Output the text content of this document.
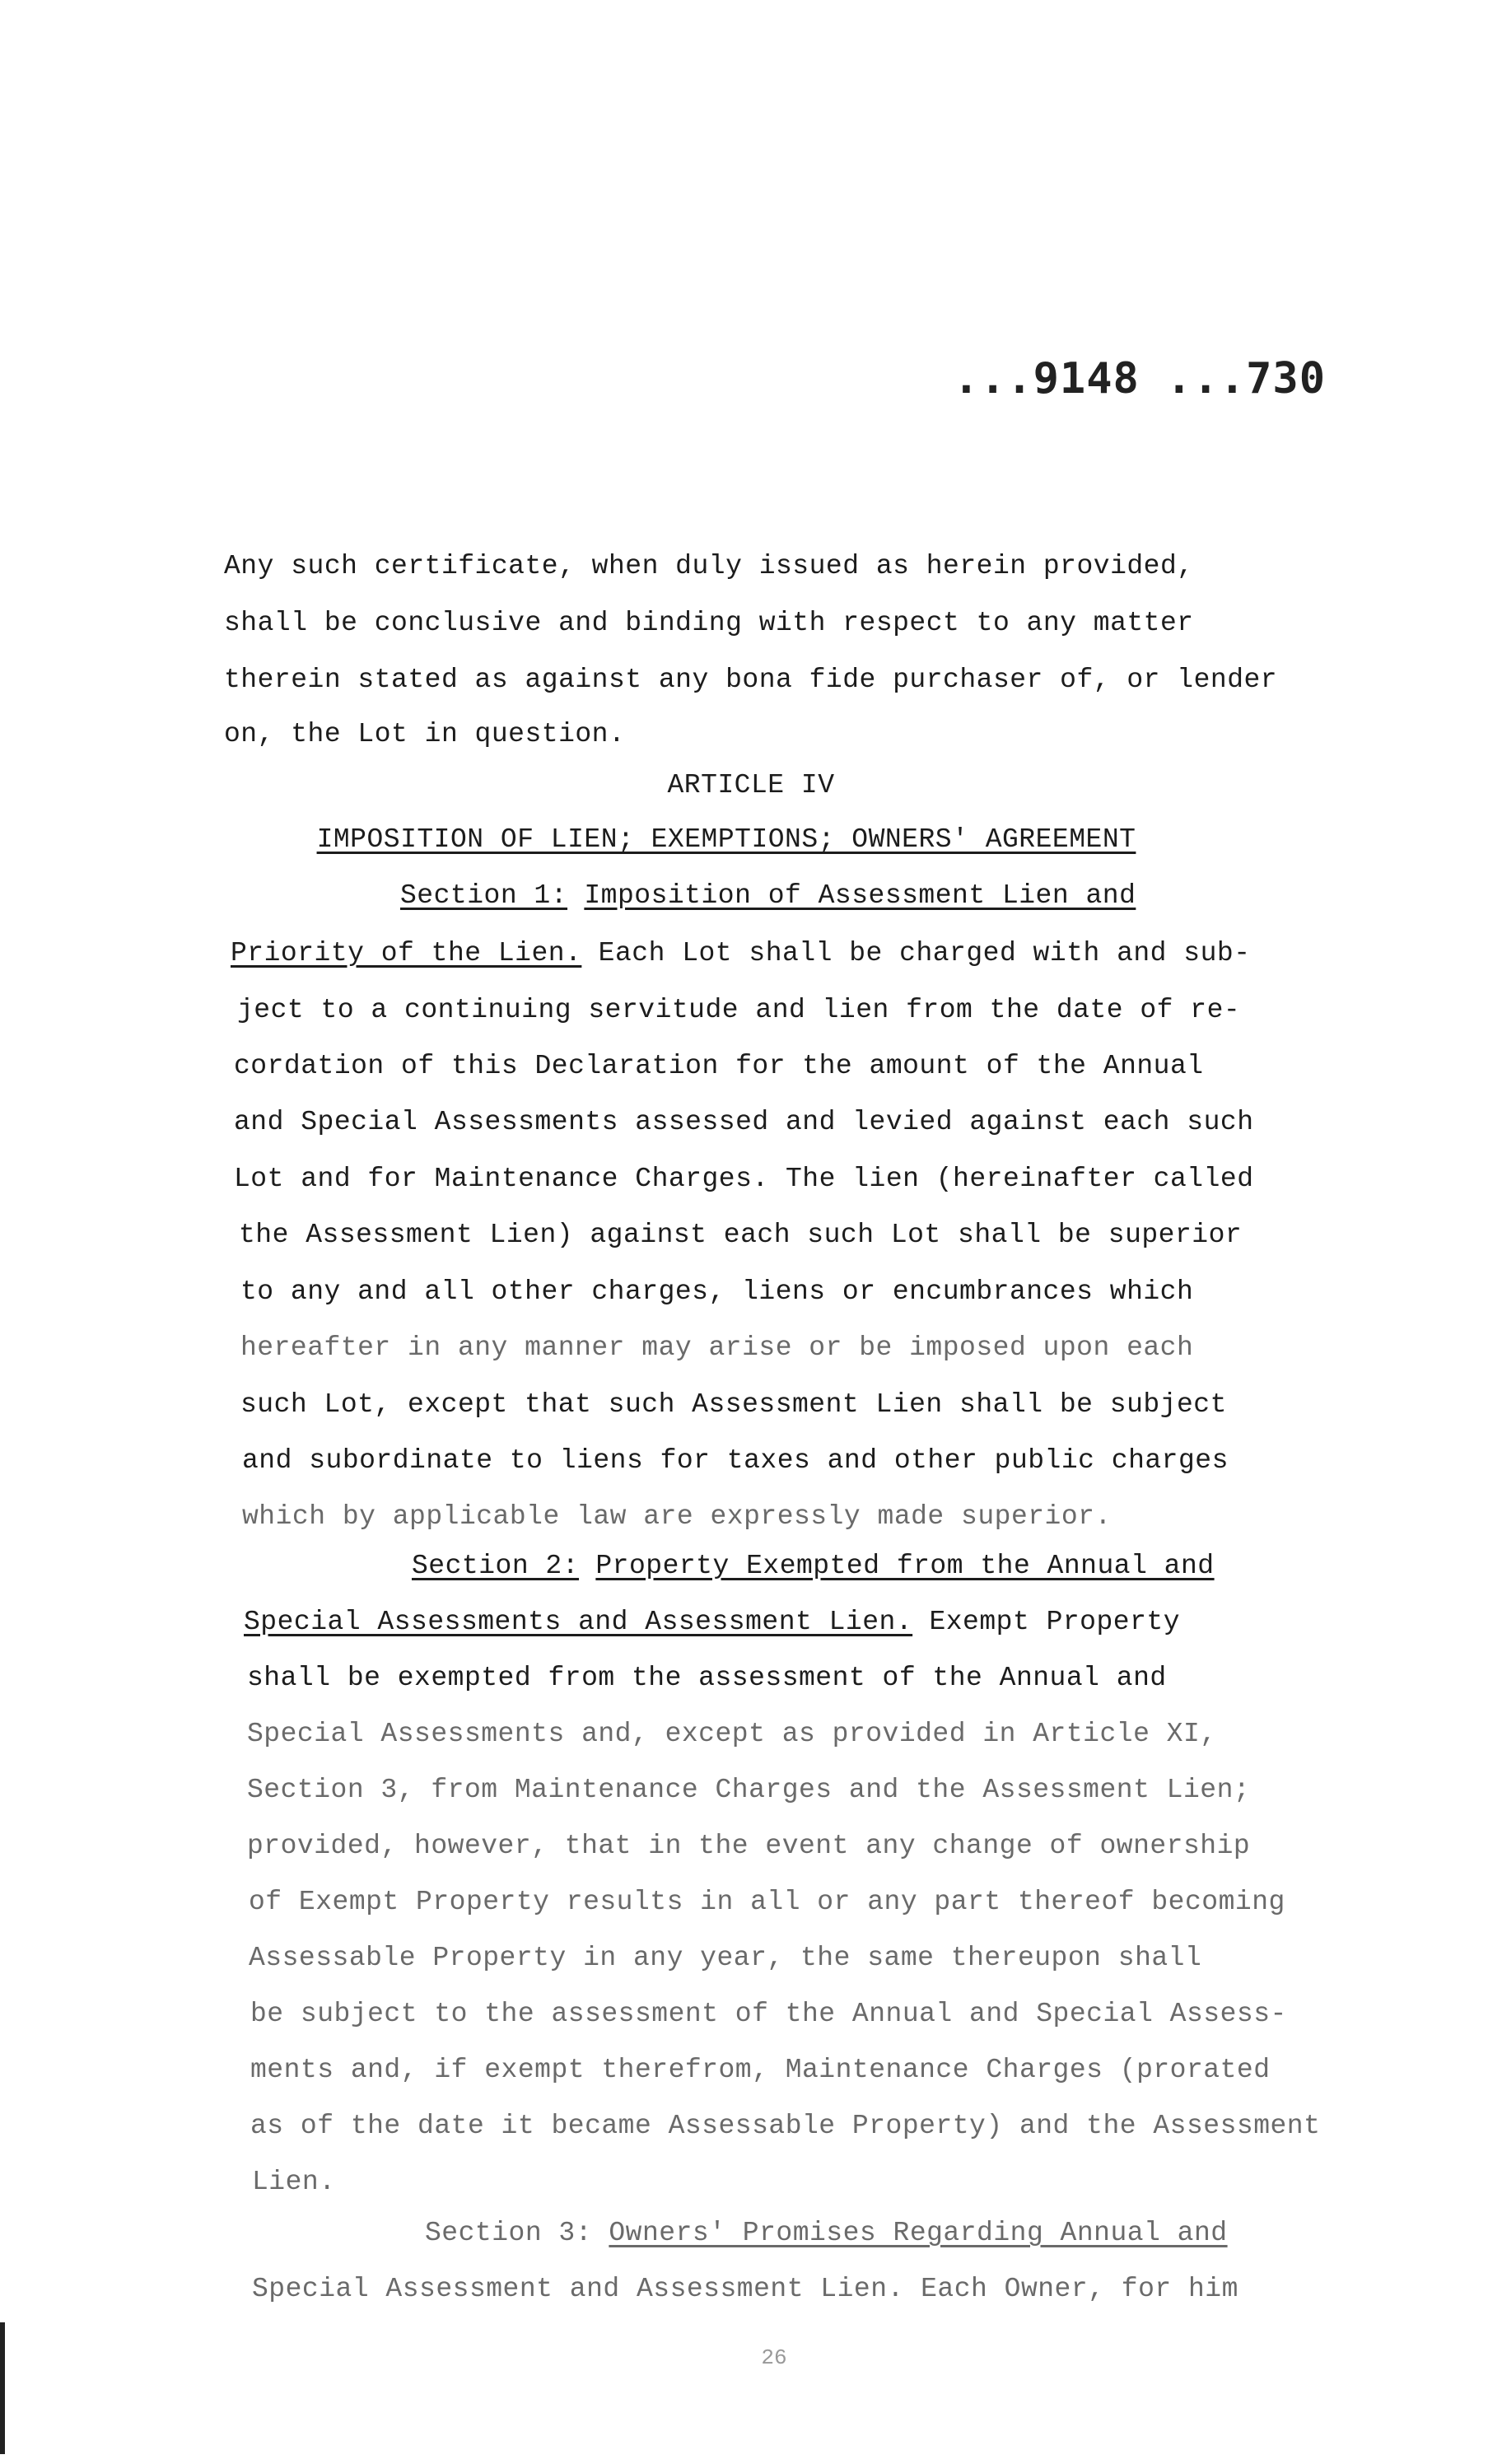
...9148 ...730
Any such certificate, when duly issued as herein provided,
shall be conclusive and binding with respect to any matter
therein stated as against any bona fide purchaser of, or lender
on, the Lot in question.
ARTICLE IV
IMPOSITION OF LIEN; EXEMPTIONS; OWNERS' AGREEMENT
Section 1: Imposition of Assessment Lien and
Priority of the Lien. Each Lot shall be charged with and sub-
ject to a continuing servitude and lien from the date of re-
cordation of this Declaration for the amount of the Annual
and Special Assessments assessed and levied against each such
Lot and for Maintenance Charges. The lien (hereinafter called
the Assessment Lien) against each such Lot shall be superior
to any and all other charges, liens or encumbrances which
hereafter in any manner may arise or be imposed upon each
such Lot, except that such Assessment Lien shall be subject
and subordinate to liens for taxes and other public charges
which by applicable law are expressly made superior.
Section 2: Property Exempted from the Annual and
Special Assessments and Assessment Lien. Exempt Property
shall be exempted from the assessment of the Annual and
Special Assessments and, except as provided in Article XI,
Section 3, from Maintenance Charges and the Assessment Lien;
provided, however, that in the event any change of ownership
of Exempt Property results in all or any part thereof becoming
Assessable Property in any year, the same thereupon shall
be subject to the assessment of the Annual and Special Assess-
ments and, if exempt therefrom, Maintenance Charges (prorated
as of the date it became Assessable Property) and the Assessment
Lien.
Section 3: Owners' Promises Regarding Annual and
Special Assessment and Assessment Lien. Each Owner, for him
26
